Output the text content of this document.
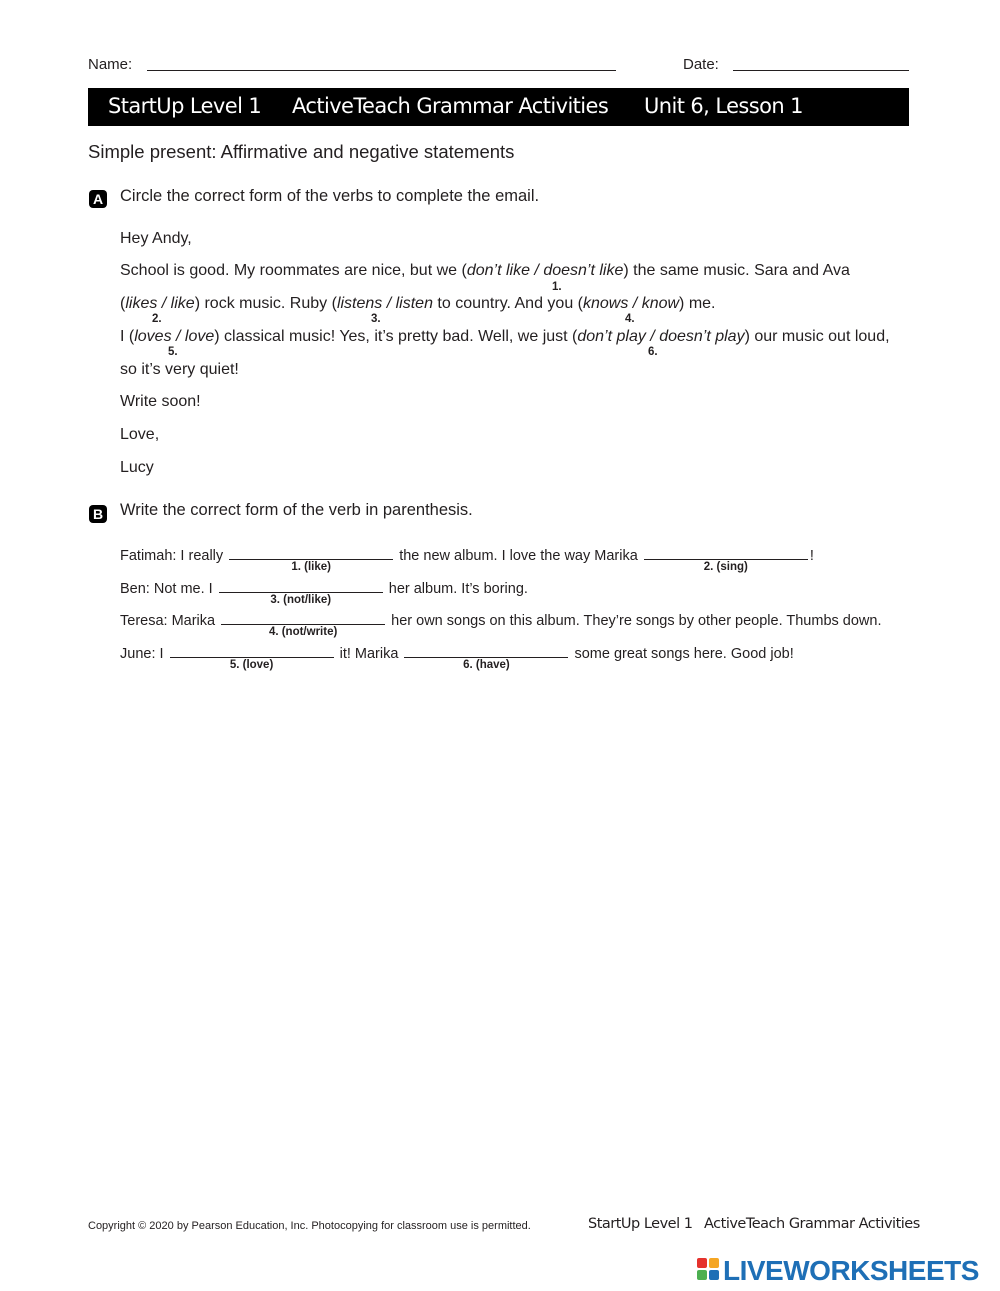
Name:	Date:
StartUp Level 1 ActiveTeach Grammar Activities Unit 6, Lesson 1
Simple present: Affirmative and negative statements
A Circle the correct form of the verbs to complete the email.
Hey Andy,
School is good. My roommates are nice, but we (don’t like / doesn’t like) the same music. Sara and Ava
1.
(likes / like) rock music. Ruby (listens / listen to country. And you (knows / know) me.
2.	3.	4.
I (loves / love) classical music! Yes, it’s pretty bad. Well, we just (don’t play / doesn’t play) our music out loud,
5.	6.
so it’s very quiet!
Write soon!
Love,
Lucy
B Write the correct form of the verb in parenthesis.
Fatimah: I really
1. (like)
the new album. I love the way Marika
2. (sing)
!
Ben: Not me. I
3. (not/like)
her album. It’s boring.
Teresa: Marika
4. (not/write)
her own songs on this album. They’re songs by other people. Thumbs down.
June: I
5. (love)
it! Marika
6. (have)
some great songs here. Good job!
Copyright © 2020 by Pearson Education, Inc. Photocopying for classroom use is permitted.	StartUp Level 1 ActiveTeach Grammar Activities
LIVEWORKSHEETS
